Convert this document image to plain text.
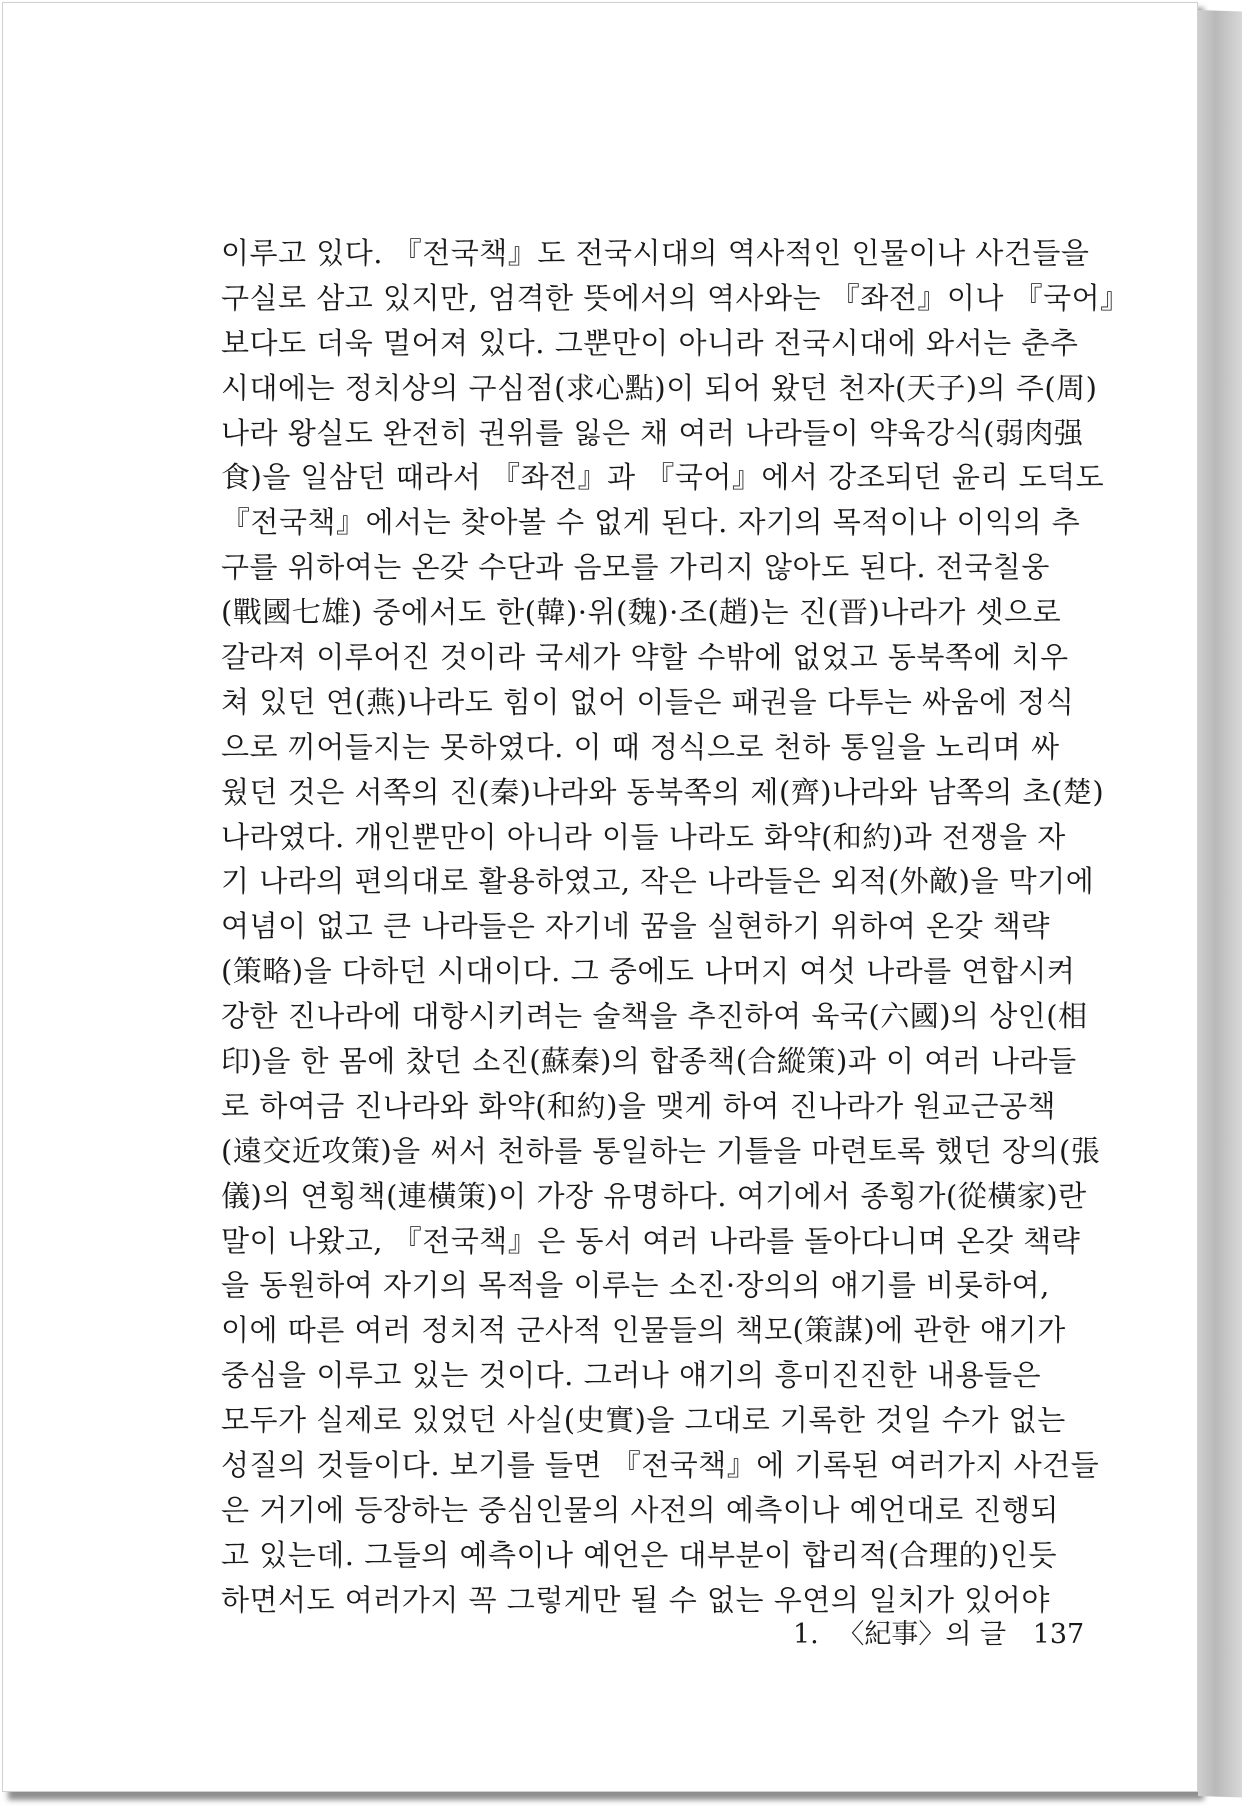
이루고 있다. 『전국책』도 전국시대의 역사적인 인물이나 사건들을
구실로 삼고 있지만, 엄격한 뜻에서의 역사와는 『좌전』이나 『국어』
보다도 더욱 멀어져 있다. 그뿐만이 아니라 전국시대에 와서는 춘추
시대에는 정치상의 구심점(求心點)이 되어 왔던 천자(天子)의 주(周)
나라 왕실도 완전히 권위를 잃은 채 여러 나라들이 약육강식(弱肉强
食)을 일삼던 때라서 『좌전』과 『국어』에서 강조되던 윤리 도덕도
『전국책』에서는 찾아볼 수 없게 된다. 자기의 목적이나 이익의 추
구를 위하여는 온갖 수단과 음모를 가리지 않아도 된다. 전국칠웅
(戰國七雄) 중에서도 한(韓)·위(魏)·조(趙)는 진(晋)나라가 셋으로
갈라져 이루어진 것이라 국세가 약할 수밖에 없었고 동북쪽에 치우
쳐 있던 연(燕)나라도 힘이 없어 이들은 패권을 다투는 싸움에 정식
으로 끼어들지는 못하였다. 이 때 정식으로 천하 통일을 노리며 싸
웠던 것은 서쪽의 진(秦)나라와 동북쪽의 제(齊)나라와 남쪽의 초(楚)
나라였다. 개인뿐만이 아니라 이들 나라도 화약(和約)과 전쟁을 자
기 나라의 편의대로 활용하였고, 작은 나라들은 외적(外敵)을 막기에
여념이 없고 큰 나라들은 자기네 꿈을 실현하기 위하여 온갖 책략
(策略)을 다하던 시대이다. 그 중에도 나머지 여섯 나라를 연합시켜
강한 진나라에 대항시키려는 술책을 추진하여 육국(六國)의 상인(相
印)을 한 몸에 찼던 소진(蘇秦)의 합종책(合縱策)과 이 여러 나라들
로 하여금 진나라와 화약(和約)을 맺게 하여 진나라가 원교근공책
(遠交近攻策)을 써서 천하를 통일하는 기틀을 마련토록 했던 장의(張
儀)의 연횡책(連橫策)이 가장 유명하다. 여기에서 종횡가(從橫家)란
말이 나왔고, 『전국책』은 동서 여러 나라를 돌아다니며 온갖 책략
을 동원하여 자기의 목적을 이루는 소진·장의의 얘기를 비롯하여,
이에 따른 여러 정치적 군사적 인물들의 책모(策謀)에 관한 얘기가
중심을 이루고 있는 것이다. 그러나 얘기의 흥미진진한 내용들은
모두가 실제로 있었던 사실(史實)을 그대로 기록한 것일 수가 없는
성질의 것들이다. 보기를 들면 『전국책』에 기록된 여러가지 사건들
은 거기에 등장하는 중심인물의 사전의 예측이나 예언대로 진행되
고 있는데. 그들의 예측이나 예언은 대부분이 합리적(合理的)인듯
하면서도 여러가지 꼭 그렇게만 될 수 없는 우연의 일치가 있어야
1. 〈紀事〉의 글 137
